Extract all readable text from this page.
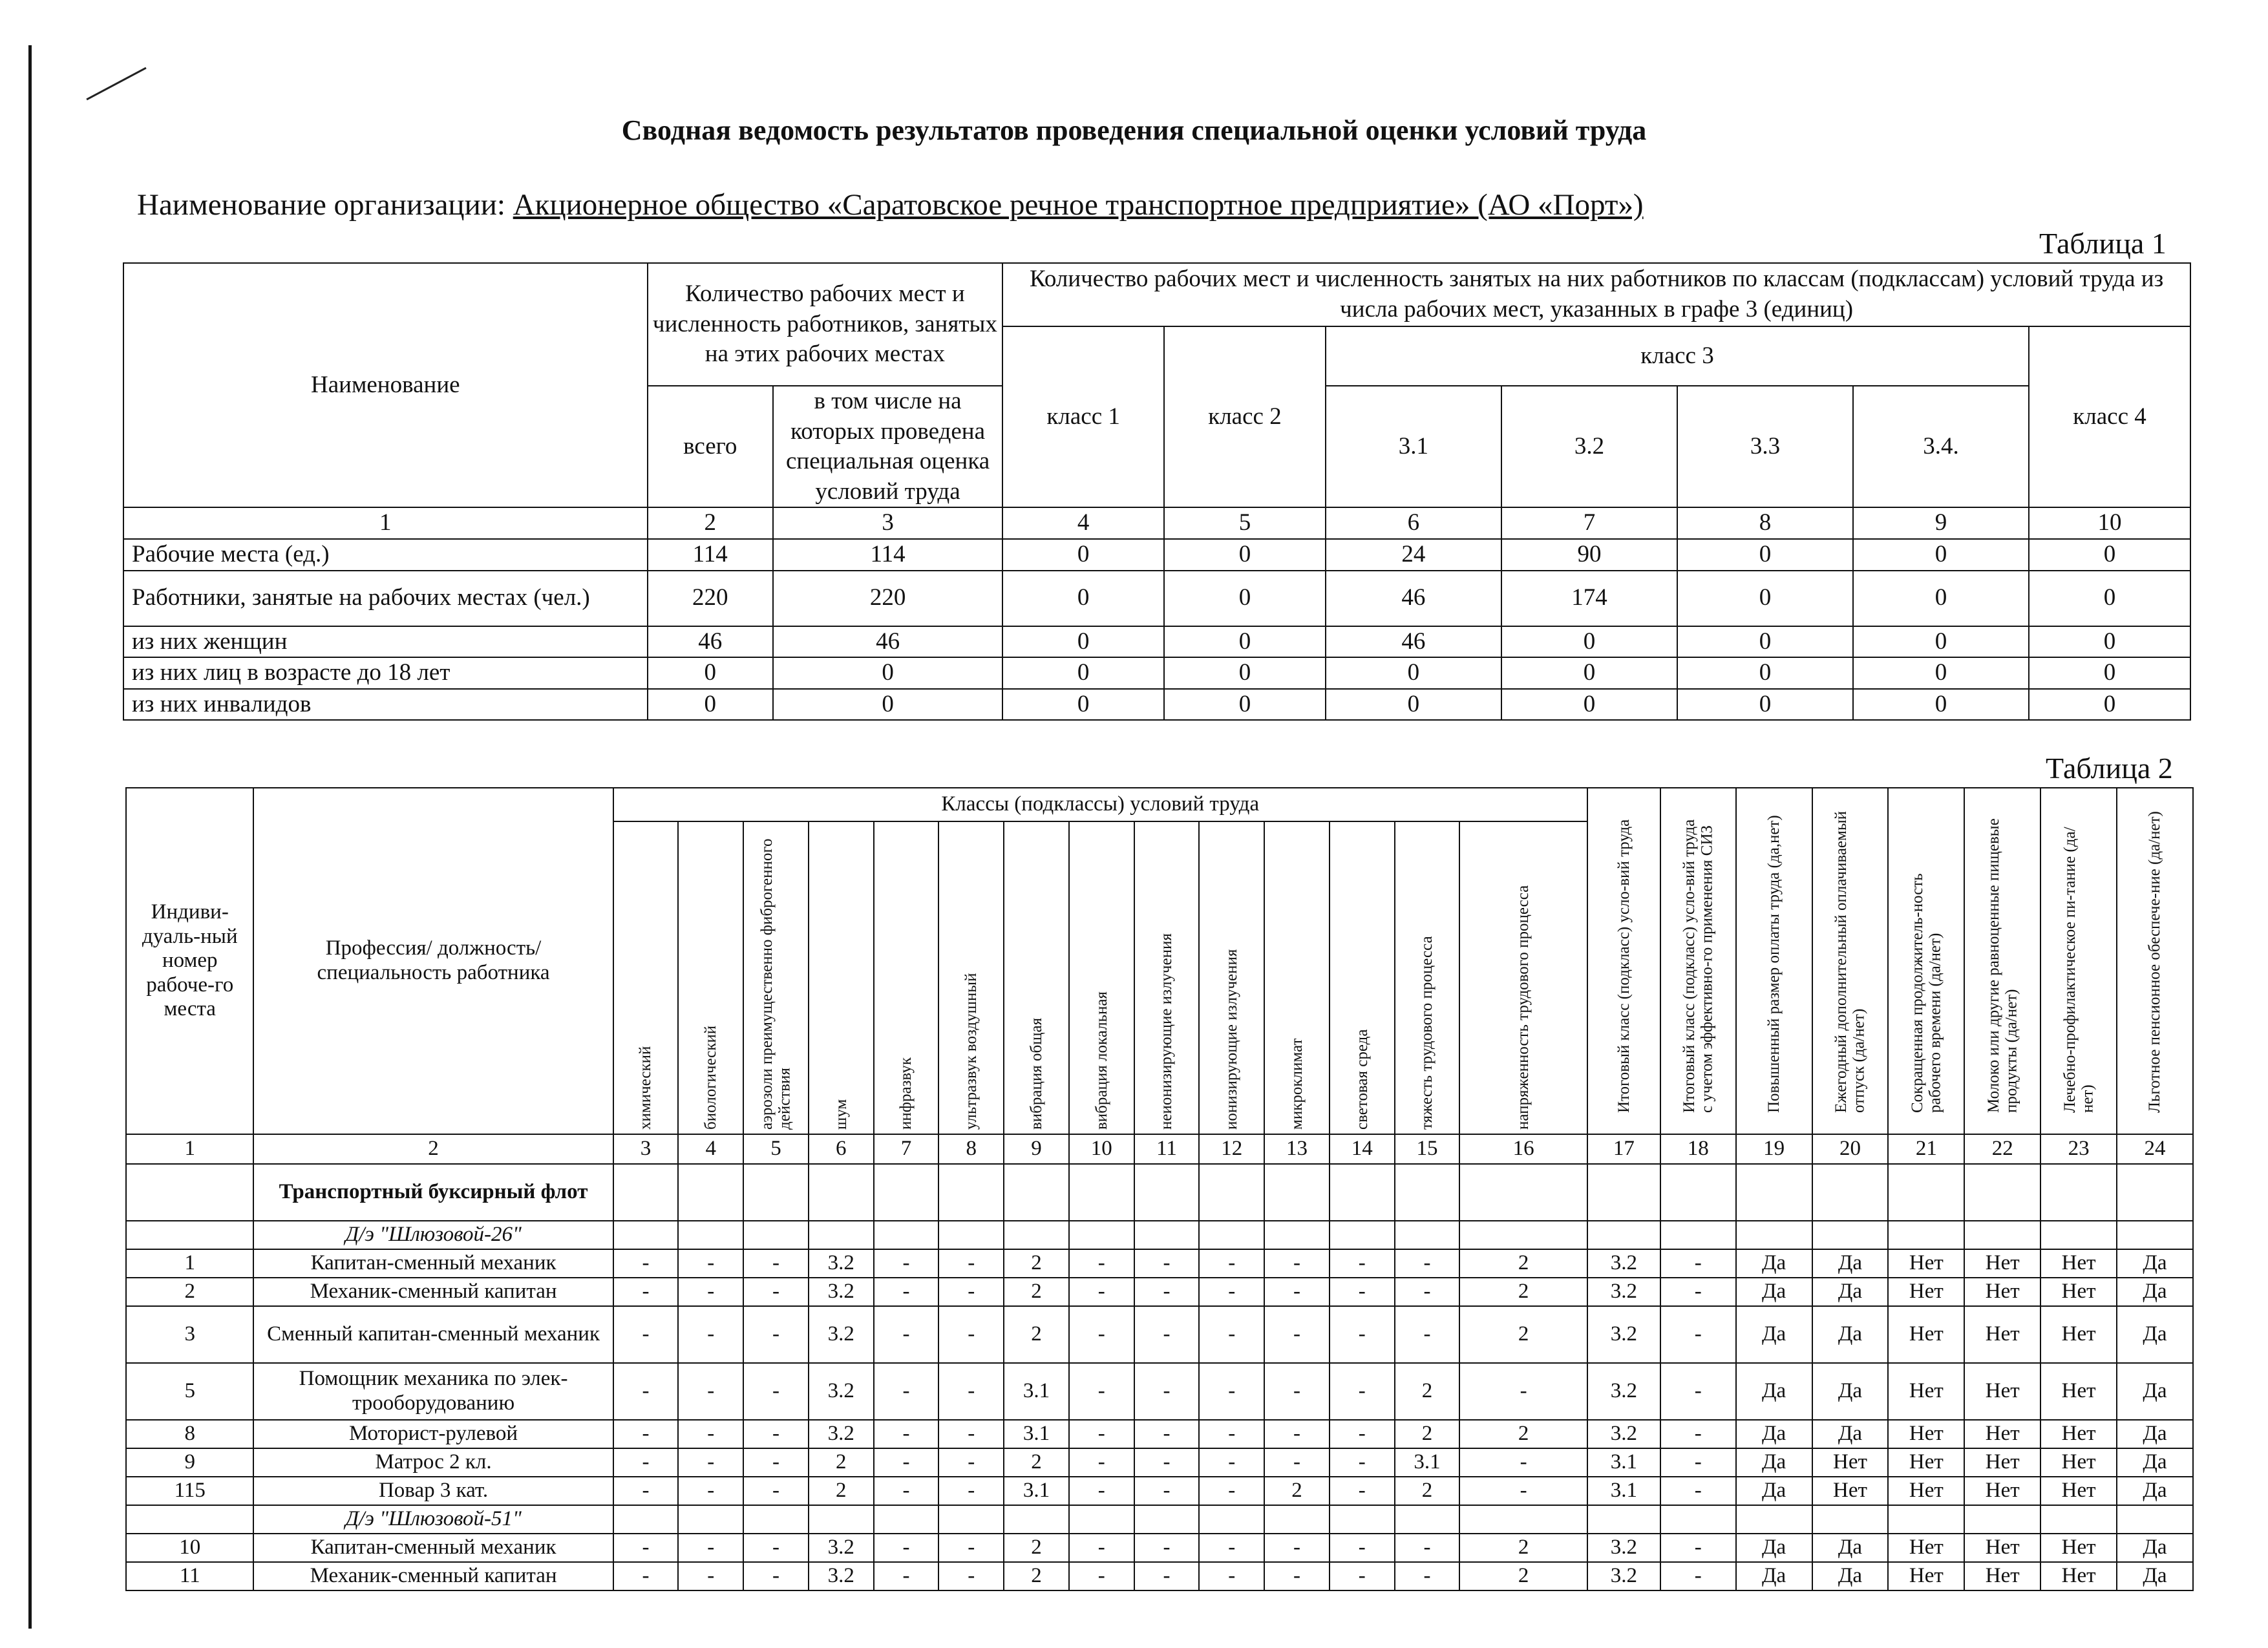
Сводная ведомость результатов проведения специальной оценки условий труда
Наименование организации: Акционерное общество «Саратовское речное транспортное предприятие» (АО «Порт»)
Таблица 1
Наименование	Количество рабочих мест и численность работников, занятых на этих рабочих местах		Количество рабочих мест и численность занятых на них работников по классам (подклассам) условий труда из числа рабочих мест, указанных в графе 3 (единиц)						
			класс 1	класс 2	класс 3				класс 4
	всего	в том числе на которых проведена специальная оценка условий труда			3.1	3.2	3.3	3.4.	
1	2	3	4	5	6	7	8	9	10
Рабочие места (ед.)	114	114	0	0	24	90	0	0	0
Работники, занятые на рабочих местах (чел.)	220	220	0	0	46	174	0	0	0
из них женщин	46	46	0	0	46	0	0	0	0
из них лиц в возрасте до 18 лет	0	0	0	0	0	0	0	0	0
из них инвалидов	0	0	0	0	0	0	0	0	0
Таблица 2
Индиви-дуаль-ный номер рабоче-го места	Профессия/ должность/ специальность работника	Классы (подклассы) условий труда														Итоговый класс (подкласс) усло-вий труда	Итоговый класс (подкласс) усло-вий труда с учетом эффективно-го применения СИЗ	Повышенный размер оплаты труда (да,нет)	Ежегодный дополнительный оплачиваемый отпуск (да/нет)	Сокращенная продолжитель-ность рабочего времени (да/нет)	Молоко или другие равноценные пищевые продукты (да/нет)	Лечебно-профилактическое пи-тание (да/нет)	Льготное пенсионное обеспече-ние (да/нет)

		химический	биологический	аэрозоли преимущественно фиброгенного действия	шум	инфразвук	ультразвук воздушный	вибрация общая	вибрация локальная	неионизирующие излучения	ионизирующие излучения	микроклимат	световая среда	тяжесть трудового процесса	напряженность трудового процесса								

1	2	3	4	5	6	7	8	9	10	11	12	13	14	15	16	17	18	19	20	21	22	23	24
	Транспортный буксирный флот																						
	Д/э "Шлюзовой-26"																						
1	Капитан-сменный механик	-	-	-	3.2	-	-	2	-	-	-	-	-	-	2	3.2	-	Да	Да	Нет	Нет	Нет	Да
2	Механик-сменный капитан	-	-	-	3.2	-	-	2	-	-	-	-	-	-	2	3.2	-	Да	Да	Нет	Нет	Нет	Да
3	Сменный капитан-сменный механик	-	-	-	3.2	-	-	2	-	-	-	-	-	-	2	3.2	-	Да	Да	Нет	Нет	Нет	Да
5	Помощник механика по элек-трооборудованию	-	-	-	3.2	-	-	3.1	-	-	-	-	-	2	-	3.2	-	Да	Да	Нет	Нет	Нет	Да
8	Моторист-рулевой	-	-	-	3.2	-	-	3.1	-	-	-	-	-	2	2	3.2	-	Да	Да	Нет	Нет	Нет	Да
9	Матрос 2 кл.	-	-	-	2	-	-	2	-	-	-	-	-	3.1	-	3.1	-	Да	Нет	Нет	Нет	Нет	Да
115	Повар 3 кат.	-	-	-	2	-	-	3.1	-	-	-	2	-	2	-	3.1	-	Да	Нет	Нет	Нет	Нет	Да
	Д/э "Шлюзовой-51"																						
10	Капитан-сменный механик	-	-	-	3.2	-	-	2	-	-	-	-	-	-	2	3.2	-	Да	Да	Нет	Нет	Нет	Да
11	Механик-сменный капитан	-	-	-	3.2	-	-	2	-	-	-	-	-	-	2	3.2	-	Да	Да	Нет	Нет	Нет	Да
